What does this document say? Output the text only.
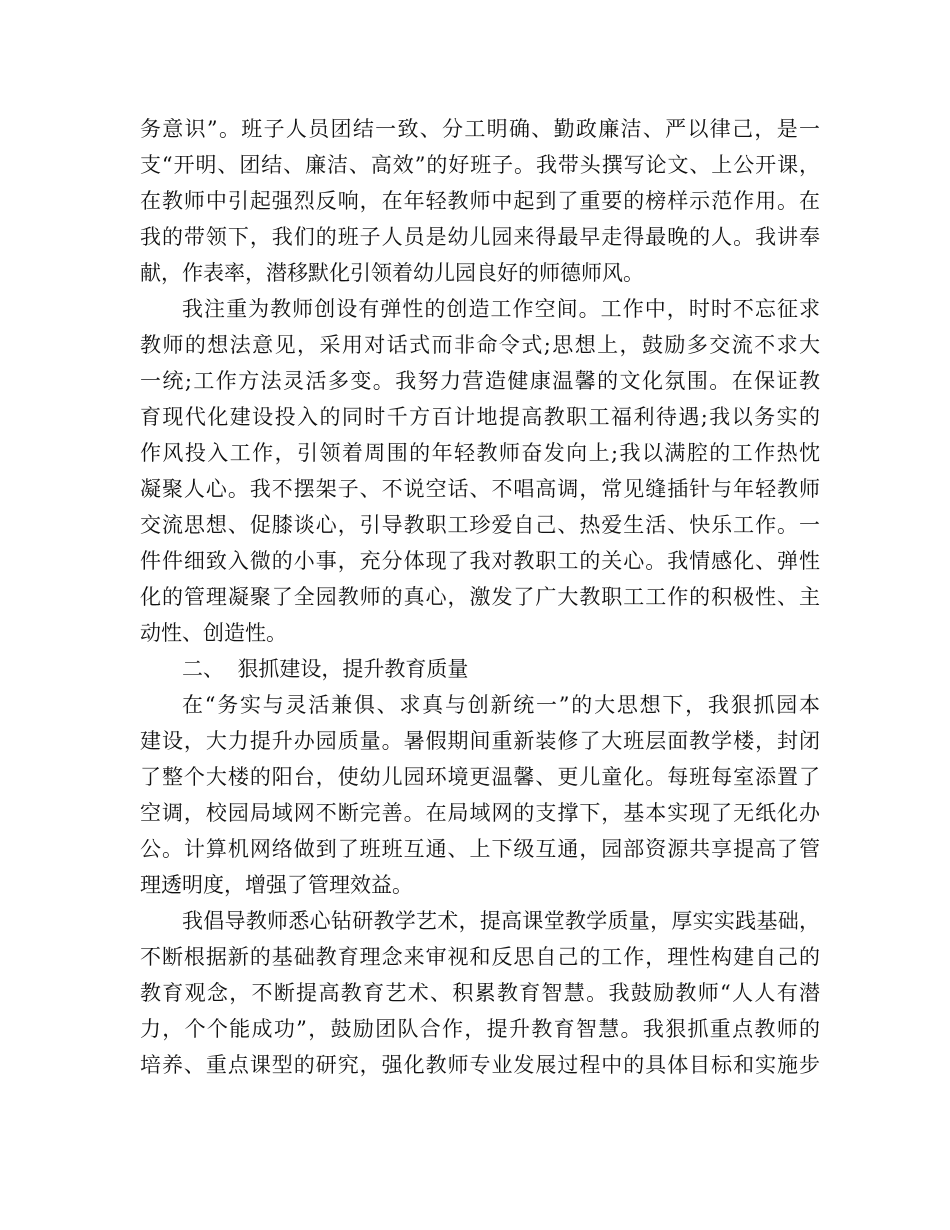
务意识”。班子人员团结一致、分工明确、勤政廉洁、严以律己，是一
支“开明、团结、廉洁、高效”的好班子。我带头撰写论文、上公开课，
在教师中引起强烈反响，在年轻教师中起到了重要的榜样示范作用。在
我的带领下，我们的班子人员是幼儿园来得最早走得最晚的人。我讲奉
献，作表率，潜移默化引领着幼儿园良好的师德师风。
我注重为教师创设有弹性的创造工作空间。工作中，时时不忘征求
教师的想法意见，采用对话式而非命令式;思想上，鼓励多交流不求大
一统;工作方法灵活多变。我努力营造健康温馨的文化氛围。在保证教
育现代化建设投入的同时千方百计地提高教职工福利待遇;我以务实的
作风投入工作，引领着周围的年轻教师奋发向上;我以满腔的工作热忱
凝聚人心。我不摆架子、不说空话、不唱高调，常见缝插针与年轻教师
交流思想、促膝谈心，引导教职工珍爱自己、热爱生活、快乐工作。一
件件细致入微的小事，充分体现了我对教职工的关心。我情感化、弹性
化的管理凝聚了全园教师的真心，激发了广大教职工工作的积极性、主
动性、创造性。
二、  狠抓建设，提升教育质量
在“务实与灵活兼俱、求真与创新统一”的大思想下，我狠抓园本
建设，大力提升办园质量。暑假期间重新装修了大班层面教学楼，封闭
了整个大楼的阳台，使幼儿园环境更温馨、更儿童化。每班每室添置了
空调，校园局域网不断完善。在局域网的支撑下，基本实现了无纸化办
公。计算机网络做到了班班互通、上下级互通，园部资源共享提高了管
理透明度，增强了管理效益。
我倡导教师悉心钻研教学艺术，提高课堂教学质量，厚实实践基础，
不断根据新的基础教育理念来审视和反思自己的工作，理性构建自己的
教育观念，不断提高教育艺术、积累教育智慧。我鼓励教师“人人有潜
力，个个能成功”，鼓励团队合作，提升教育智慧。我狠抓重点教师的
培养、重点课型的研究，强化教师专业发展过程中的具体目标和实施步
